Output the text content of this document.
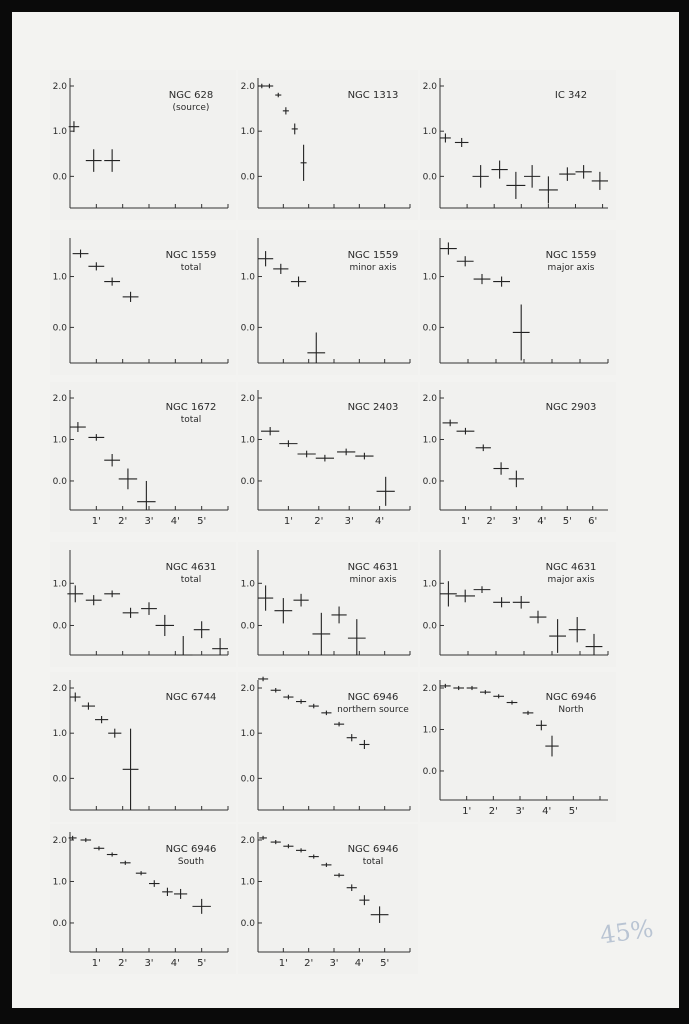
0.0
1.0
2.0
NGC 628
(source)
0.0
1.0
2.0
NGC 1313
0.0
1.0
2.0
IC 342
0.0
1.0
NGC 1559
total
0.0
1.0
NGC 1559
minor axis
0.0
1.0
NGC 1559
major axis
0.0
1.0
2.0
1' 2' 3' 4' 5'
NGC 1672
total
0.0
1.0
2.0
1' 2' 3' 4'
NGC 2403
0.0
1.0
2.0
1' 2' 3' 4' 5' 6'
NGC 2903
0.0
1.0
NGC 4631
total
0.0
1.0
NGC 4631
minor axis
0.0
1.0
NGC 4631
major axis
0.0
1.0
2.0
NGC 6744
0.0
1.0
2.0
NGC 6946
northern source
0.0
1.0
2.0
1' 2' 3' 4' 5'
NGC 6946
North
0.0
1.0
2.0
1' 2' 3' 4' 5'
NGC 6946
South
0.0
1.0
2.0
1' 2' 3' 4' 5'
NGC 6946
total
45%
